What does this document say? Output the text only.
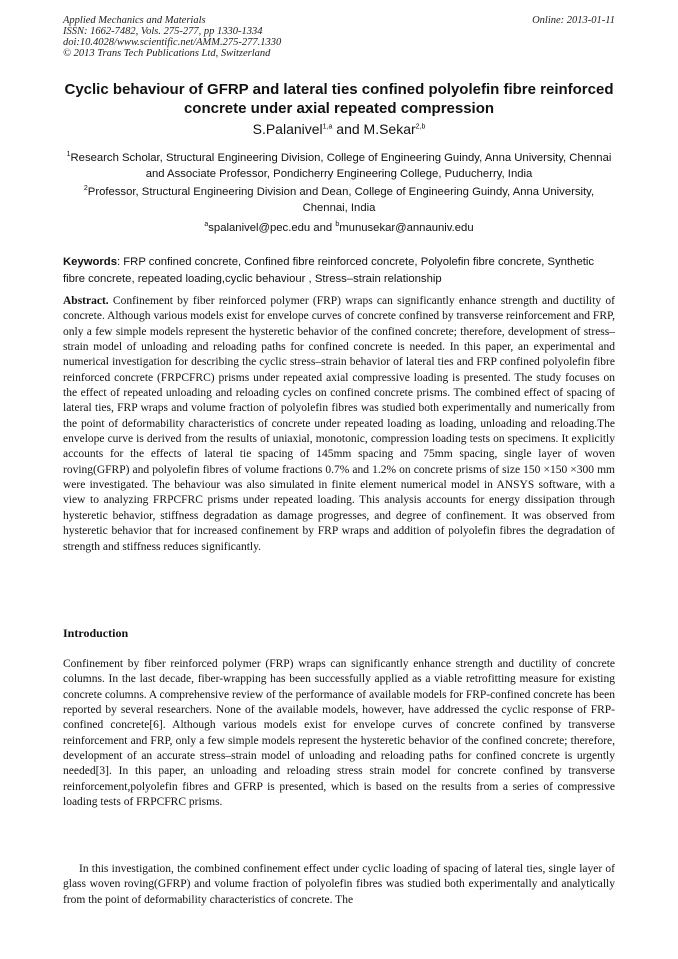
Applied Mechanics and Materials
ISSN: 1662-7482, Vols. 275-277, pp 1330-1334
doi:10.4028/www.scientific.net/AMM.275-277.1330
© 2013 Trans Tech Publications Ltd, Switzerland
Online: 2013-01-11
Cyclic behaviour of GFRP and lateral ties confined polyolefin fibre reinforced concrete under axial repeated compression
S.Palanivel$^{1,a}$ and M.Sekar$^{2,b}$
$^1$Research Scholar, Structural Engineering Division, College of Engineering Guindy, Anna University, Chennai and Associate Professor, Pondicherry Engineering College, Puducherry, India
$^2$Professor, Structural Engineering Division and Dean, College of Engineering Guindy, Anna University, Chennai, India
$^a$spalanivel@pec.edu and $^b$munusekar@annauniv.edu
Keywords: FRP confined concrete, Confined fibre reinforced concrete, Polyolefin fibre concrete, Synthetic fibre concrete, repeated loading,cyclic behaviour , Stress–strain relationship
Abstract. Confinement by fiber reinforced polymer (FRP) wraps can significantly enhance strength and ductility of concrete. Although various models exist for envelope curves of concrete confined by transverse reinforcement and FRP, only a few simple models represent the hysteretic behavior of the confined concrete; therefore, development of stress–strain model of unloading and reloading paths for confined concrete is needed. In this paper, an experimental and numerical investigation for describing the cyclic stress–strain behavior of lateral ties and FRP confined polyolefin fibre reinforced concrete (FRPCFRC) prisms under repeated axial compressive loading is presented. The study focuses on the effect of repeated unloading and reloading cycles on confined concrete prisms. The combined effect of spacing of lateral ties, FRP wraps and volume fraction of polyolefin fibres was studied both experimentally and numerically from the point of deformability characteristics of concrete under repeated loading as loading, unloading and reloading.The envelope curve is derived from the results of uniaxial, monotonic, compression loading tests on specimens. It explicitly accounts for the effects of lateral tie spacing of 145mm spacing and 75mm spacing, single layer of woven roving(GFRP) and polyolefin fibres of volume fractions 0.7% and 1.2% on concrete prisms of size 150 ×150 ×300 mm were investigated. The behaviour was also simulated in finite element numerical model in ANSYS software, with a view to analyzing FRPCFRC prisms under repeated loading. This analysis accounts for energy dissipation through hysteretic behavior, stiffness degradation as damage progresses, and degree of confinement. It was observed from hysteretic behavior that for increased confinement by FRP wraps and addition of polyolefin fibres the degradation of strength and stiffness reduces significantly.
Introduction
Confinement by fiber reinforced polymer (FRP) wraps can significantly enhance strength and ductility of concrete columns. In the last decade, fiber-wrapping has been successfully applied as a viable retrofitting measure for existing concrete columns. A comprehensive review of the performance of available models for FRP-confined concrete has been reported by several researchers. None of the available models, however, have addressed the cyclic response of FRP-confined concrete[6]. Although various models exist for envelope curves of concrete confined by transverse reinforcement and FRP, only a few simple models represent the hysteretic behavior of the confined concrete; therefore, development of an accurate stress–strain model of unloading and reloading paths for confined concrete is urgently needed[3]. In this paper, an unloading and reloading stress strain model for concrete confined by transverse reinforcement,polyolefin fibres and GFRP is presented, which is based on the results from a series of compressive loading tests of FRPCFRC prisms.
In this investigation, the combined confinement effect under cyclic loading of spacing of lateral ties, single layer of glass woven roving(GFRP) and volume fraction of polyolefin fibres was studied both experimentally and analytically from the point of deformability characteristics of concrete. The
